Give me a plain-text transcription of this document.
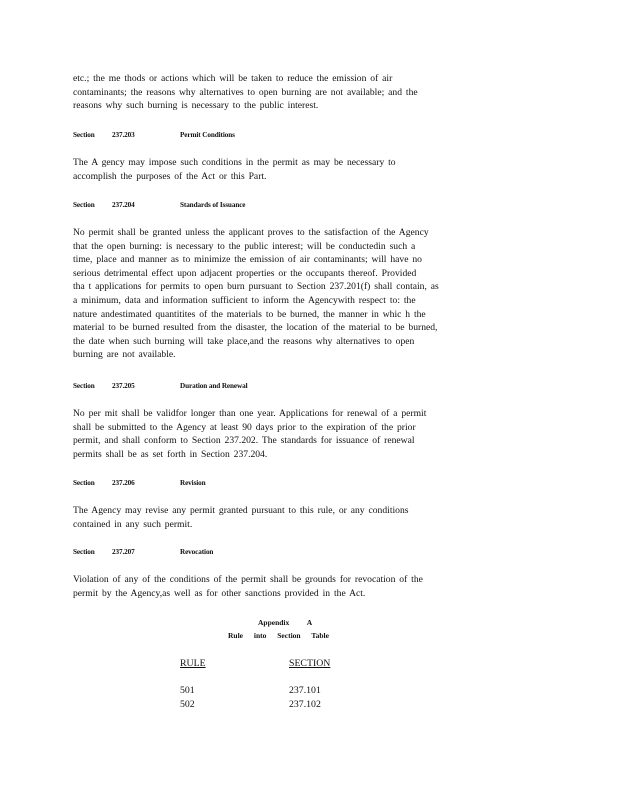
etc.; the me thods or actions which will be taken to reduce the emission of air
contaminants; the reasons why alternatives to open burning are not available; and the
reasons why such burning is necessary to the public interest.

Section 237.203	Permit Conditions

The A gency may impose such conditions in the permit as may be necessary to
accomplish the purposes of the Act or this Part.

Section 237.204	Standards of Issuance

No permit shall be granted unless the applicant proves to the satisfaction of the Agency
that the open burning: is necessary to the public interest; will be conductedin such a
time, place and manner as to minimize the emission of air contaminants; will have no
serious detrimental effect upon adjacent properties or the occupants thereof. Provided
tha t applications for permits to open burn pursuant to Section 237.201(f) shall contain, as
a minimum, data and information sufficient to inform the Agencywith respect to: the
nature andestimated quantitites of the materials to be burned, the manner in whic h the
material to be burned resulted from the disaster, the location of the material to be burned,
the date when such burning will take place,and the reasons why alternatives to open
burning are not available.

Section 237.205	Duration and Renewal

No per mit shall be validfor longer than one year. Applications for renewal of a permit
shall be submitted to the Agency at least 90 days prior to the expiration of the prior
permit, and shall conform to Section 237.202. The standards for issuance of renewal
permits shall be as set forth in Section 237.204.

Section 237.206	Revision

The Agency may revise any permit granted pursuant to this rule, or any conditions
contained in any such permit.

Section 237.207	Revocation

Violation of any of the conditions of the permit shall be grounds for revocation of the
permit by the Agency,as well as for other sanctions provided in the Act.

Appendix A
Rule into Section Table
RULE	SECTION
501	237.101
502	237.102
